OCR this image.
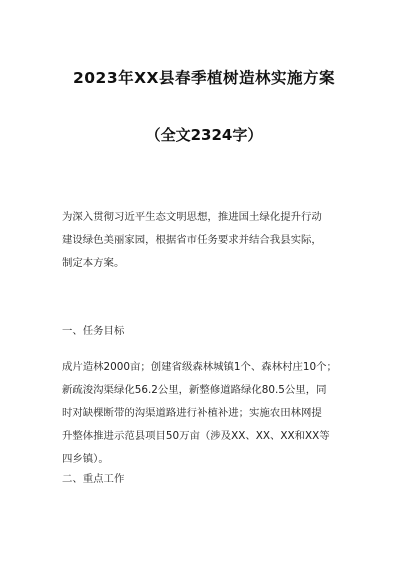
2023年XX县春季植树造林实施方案
（全文2324字）
为深入贯彻习近平生态文明思想，推进国土绿化提升行动
建设绿色美丽家园，根据省市任务要求并结合我县实际，
制定本方案。
一、任务目标
成片造林2000亩；创建省级森林城镇1个、森林村庄10个；
新疏浚沟渠绿化56.2公里，新整修道路绿化80.5公里，同
时对缺棵断带的沟渠道路进行补植补进；实施农田林网提
升整体推进示范县项目50万亩（涉及XX、XX、XX和XX等
四乡镇）。
二、重点工作
